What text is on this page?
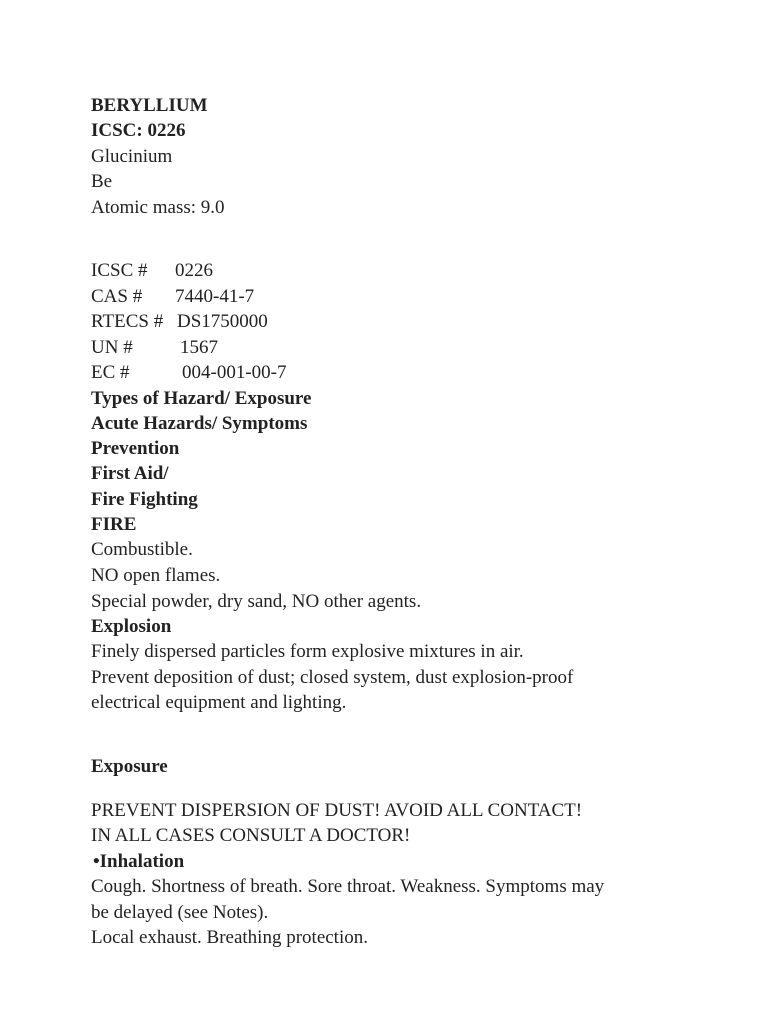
BERYLLIUM
ICSC: 0226
Glucinium
Be
Atomic mass: 9.0
ICSC # 0226
CAS # 7440-41-7
RTECS # DS1750000
UN # 1567
EC #	004-001-00-7
Types of Hazard/ Exposure
Acute Hazards/ Symptoms
Prevention
First Aid/
Fire Fighting
FIRE
Combustible.
NO open flames.
Special powder, dry sand, NO other agents.
Explosion
Finely dispersed particles form explosive mixtures in air.
Prevent deposition of dust; closed system, dust explosion-proof
electrical equipment and lighting.
Exposure
PREVENT DISPERSION OF DUST! AVOID ALL CONTACT!
IN ALL CASES CONSULT A DOCTOR!
•Inhalation
Cough. Shortness of breath. Sore throat. Weakness. Symptoms may
be delayed (see Notes).
Local exhaust. Breathing protection.
